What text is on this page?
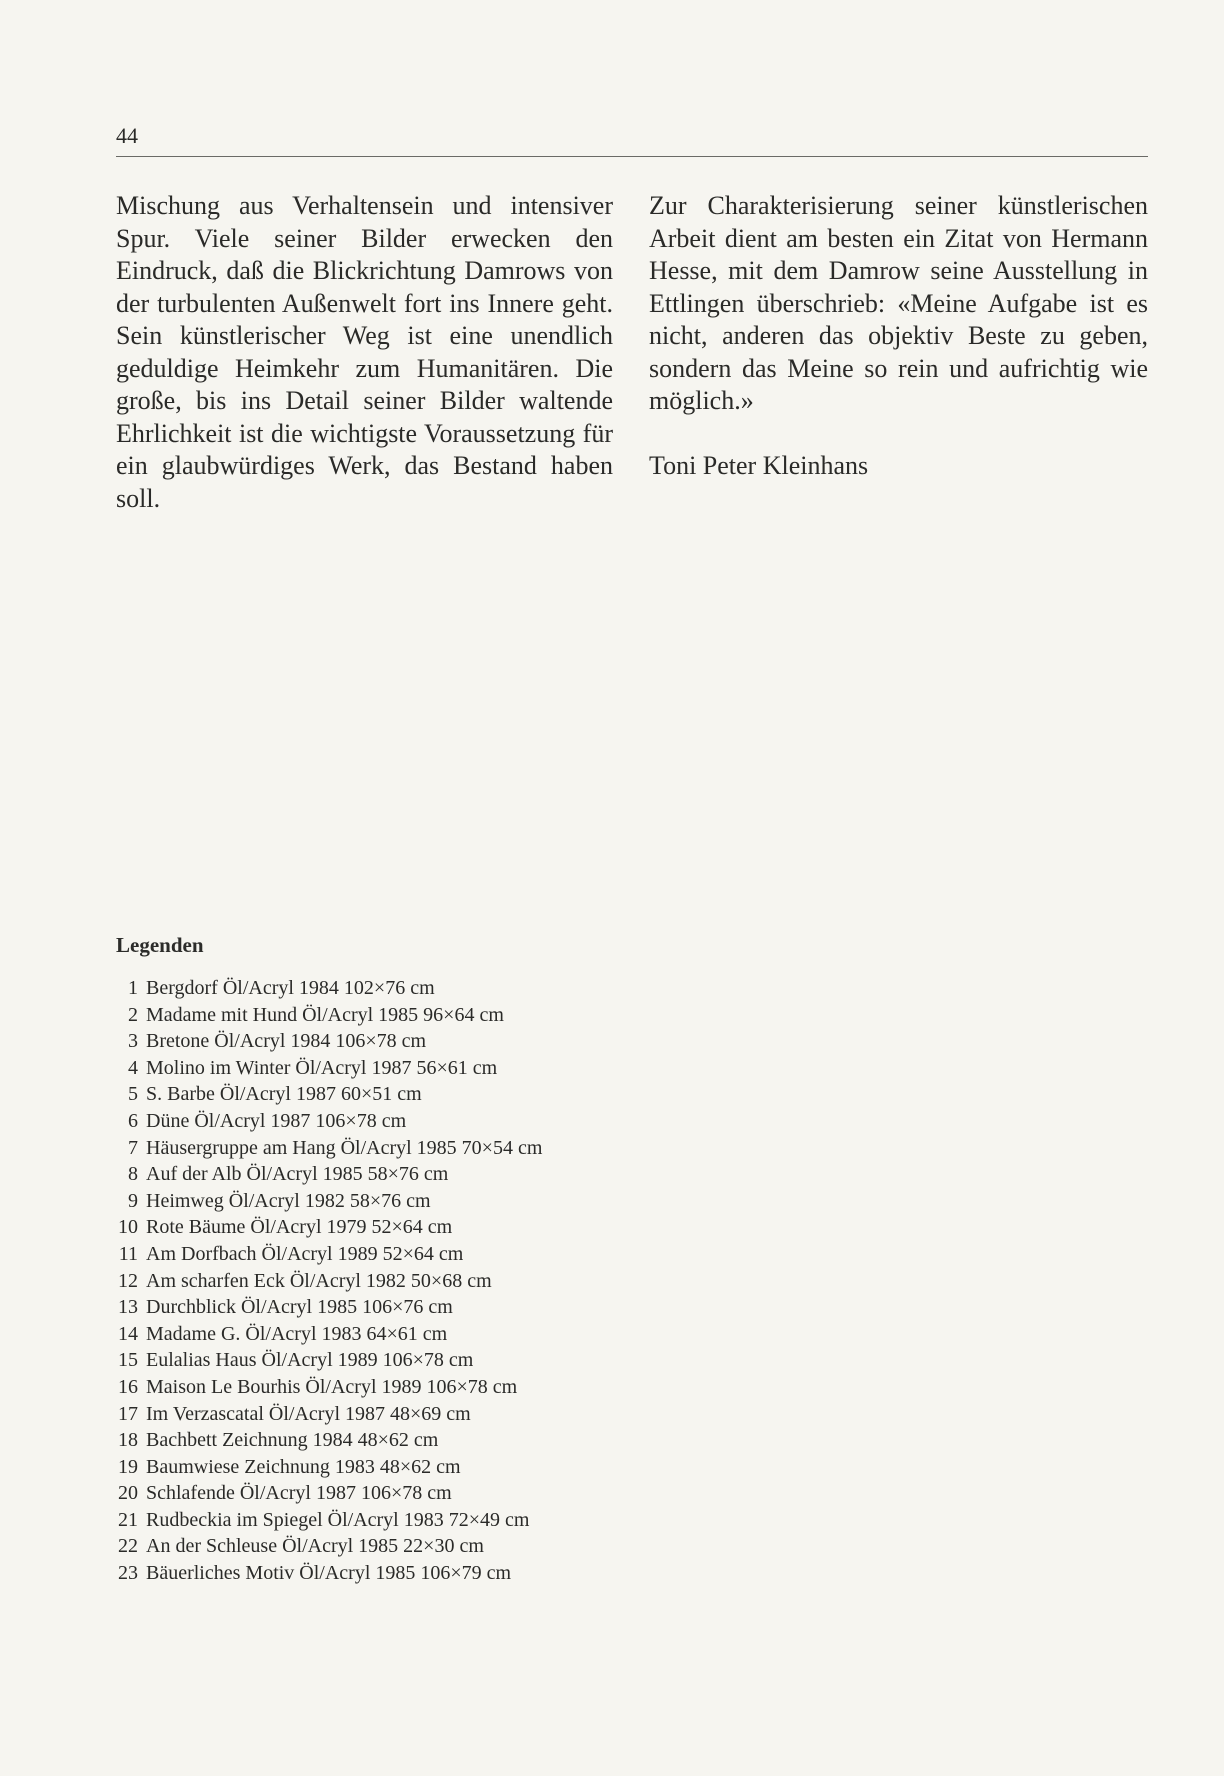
44

Mischung aus Verhaltensein und intensiver Spur. Viele seiner Bilder erwecken den Eindruck, daß die Blickrichtung Damrows von der turbulenten Außenwelt fort ins Innere geht. Sein künstlerischer Weg ist eine unendlich geduldige Heimkehr zum Humanitären. Die große, bis ins Detail seiner Bilder waltende Ehrlichkeit ist die wichtigste Voraussetzung für ein glaubwürdiges Werk, das Bestand haben soll.

Zur Charakterisierung seiner künstlerischen Arbeit dient am besten ein Zitat von Hermann Hesse, mit dem Damrow seine Ausstellung in Ettlingen überschrieb: «Meine Aufgabe ist es nicht, anderen das objektiv Beste zu geben, sondern das Meine so rein und aufrichtig wie möglich.»

Toni Peter Kleinhans

Legenden
1 Bergdorf Öl/Acryl 1984 102×76 cm
2 Madame mit Hund Öl/Acryl 1985 96×64 cm
3 Bretone Öl/Acryl 1984 106×78 cm
4 Molino im Winter Öl/Acryl 1987 56×61 cm
5 S. Barbe Öl/Acryl 1987 60×51 cm
6 Düne Öl/Acryl 1987 106×78 cm
7 Häusergruppe am Hang Öl/Acryl 1985 70×54 cm
8 Auf der Alb Öl/Acryl 1985 58×76 cm
9 Heimweg Öl/Acryl 1982 58×76 cm
10 Rote Bäume Öl/Acryl 1979 52×64 cm
11 Am Dorfbach Öl/Acryl 1989 52×64 cm
12 Am scharfen Eck Öl/Acryl 1982 50×68 cm
13 Durchblick Öl/Acryl 1985 106×76 cm
14 Madame G. Öl/Acryl 1983 64×61 cm
15 Eulalias Haus Öl/Acryl 1989 106×78 cm
16 Maison Le Bourhis Öl/Acryl 1989 106×78 cm
17 Im Verzascatal Öl/Acryl 1987 48×69 cm
18 Bachbett Zeichnung 1984 48×62 cm
19 Baumwiese Zeichnung 1983 48×62 cm
20 Schlafende Öl/Acryl 1987 106×78 cm
21 Rudbeckia im Spiegel Öl/Acryl 1983 72×49 cm
22 An der Schleuse Öl/Acryl 1985 22×30 cm
23 Bäuerliches Motiv Öl/Acryl 1985 106×79 cm
